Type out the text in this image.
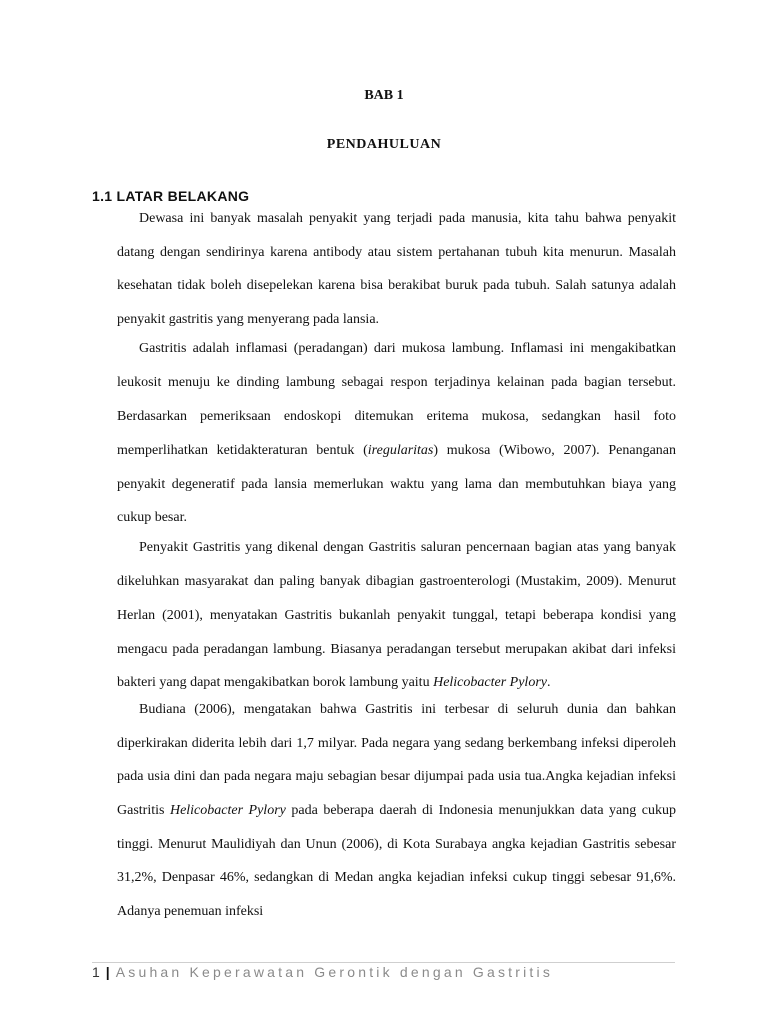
BAB 1
PENDAHULUAN
1.1 LATAR BELAKANG

Dewasa ini banyak masalah penyakit yang terjadi pada manusia, kita tahu bahwa penyakit datang dengan sendirinya karena antibody atau sistem pertahanan tubuh kita menurun. Masalah kesehatan tidak boleh disepelekan karena bisa berakibat buruk pada tubuh. Salah satunya adalah penyakit gastritis yang menyerang pada lansia.

Gastritis adalah inflamasi (peradangan) dari mukosa lambung. Inflamasi ini mengakibatkan leukosit menuju ke dinding lambung sebagai respon terjadinya kelainan pada bagian tersebut. Berdasarkan pemeriksaan endoskopi ditemukan eritema mukosa, sedangkan hasil foto memperlihatkan ketidakteraturan bentuk (iregularitas) mukosa (Wibowo, 2007). Penanganan penyakit degeneratif pada lansia memerlukan waktu yang lama dan membutuhkan biaya yang cukup besar.

Penyakit Gastritis yang dikenal dengan Gastritis saluran pencernaan bagian atas yang banyak dikeluhkan masyarakat dan paling banyak dibagian gastroenterologi (Mustakim, 2009). Menurut Herlan (2001), menyatakan Gastritis bukanlah penyakit tunggal, tetapi beberapa kondisi yang mengacu pada peradangan lambung. Biasanya peradangan tersebut merupakan akibat dari infeksi bakteri yang dapat mengakibatkan borok lambung yaitu Helicobacter Pylory.

Budiana (2006), mengatakan bahwa Gastritis ini terbesar di seluruh dunia dan bahkan diperkirakan diderita lebih dari 1,7 milyar. Pada negara yang sedang berkembang infeksi diperoleh pada usia dini dan pada negara maju sebagian besar dijumpai pada usia tua.Angka kejadian infeksi Gastritis Helicobacter Pylory pada beberapa daerah di Indonesia menunjukkan data yang cukup tinggi. Menurut Maulidiyah dan Unun (2006), di Kota Surabaya angka kejadian Gastritis sebesar 31,2%, Denpasar 46%, sedangkan di Medan angka kejadian infeksi cukup tinggi sebesar 91,6%. Adanya penemuan infeksi

1 | Asuhan Keperawatan Gerontik dengan Gastritis
